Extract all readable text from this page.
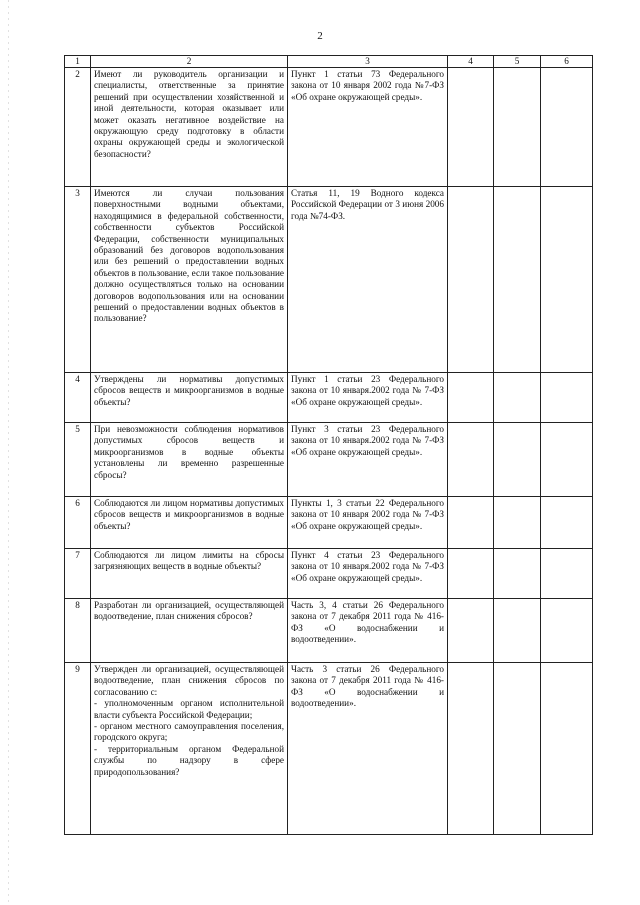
2
1	2	3	4	5	6
2	Имеют ли руководитель организации и специалисты, ответственные за принятие решений при осуществлении хозяйственной и иной деятельности, которая оказывает или может оказать негативное воздействие на окружающую среду подготовку в области охраны окружающей среды и экологической безопасности?	Пункт 1 статьи 73 Федерального закона от 10 января 2002 года №7-ФЗ «Об охране окружающей среды».			
3	Имеются ли случаи пользования поверхностными водными объектами, находящимися в федеральной собственности, собственности субъектов Российской Федерации, собственности муниципальных образований без договоров водопользования или без решений о предоставлении водных объектов в пользование, если такое пользование должно осуществляться только на основании договоров водопользования или на основании решений о предоставлении водных объектов в пользование?	Статья 11, 19 Водного кодекса Российской Федерации от 3 июня 2006 года №74-ФЗ.			
4	Утверждены ли нормативы допустимых сбросов веществ и микроорганизмов в водные объекты?	Пункт 1 статьи 23 Федерального закона от 10 января.2002 года № 7-ФЗ «Об охране окружающей среды».			
5	При невозможности соблюдения нормативов допустимых сбросов веществ и микроорганизмов в водные объекты установлены ли временно разрешенные сбросы?	Пункт 3 статьи 23 Федерального закона от 10 января.2002 года № 7-ФЗ «Об охране окружающей среды».			
6	Соблюдаются ли лицом нормативы допустимых сбросов веществ и микроорганизмов в водные объекты?	Пункты 1, 3 статьи 22 Федерального закона от 10 января 2002 года № 7-ФЗ «Об охране окружающей среды».			
7	Соблюдаются ли лицом лимиты на сбросы загрязняющих веществ в водные объекты?	Пункт 4 статьи 23 Федерального закона от 10 января.2002 года № 7-ФЗ «Об охране окружающей среды».			
8	Разработан ли организацией, осуществляющей водоотведение, план снижения сбросов?	Часть 3, 4 статьи 26 Федерального закона от 7 декабря 2011 года № 416-ФЗ «О водоснабжении и водоотведении».			
9	Утвержден ли организацией, осуществляющей водоотведение, план снижения сбросов по согласованию с:
- уполномоченным органом исполнительной власти субъекта Российской Федерации;
- органом местного самоуправления поселения, городского округа;
- территориальным органом Федеральной службы по надзору в сфере природопользования?	Часть 3 статьи 26 Федерального закона от 7 декабря 2011 года № 416-ФЗ «О водоснабжении и водоотведении».			
